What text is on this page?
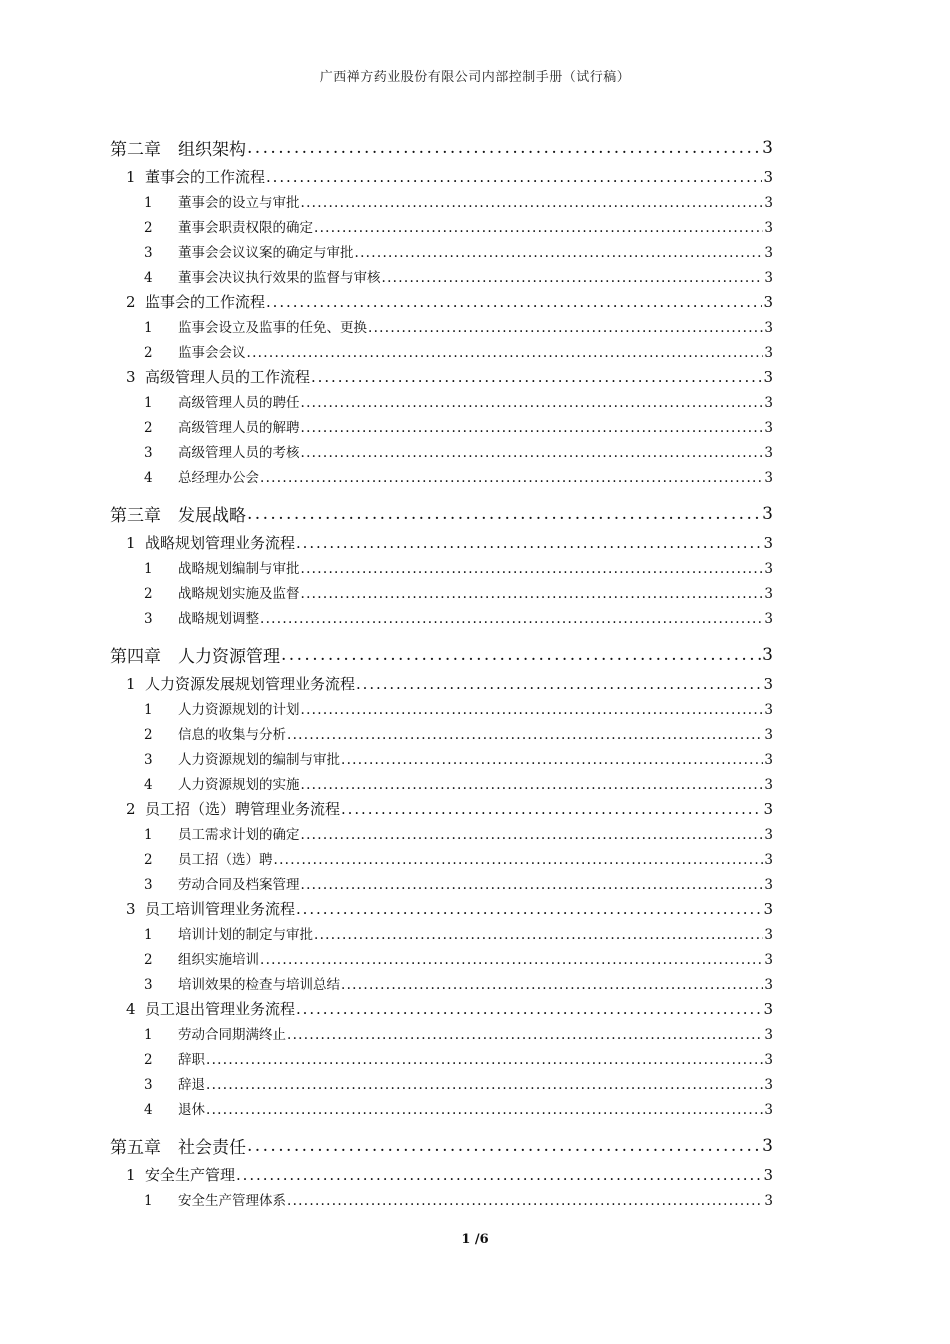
广西禅方药业股份有限公司内部控制手册（试行稿）
第二章	组织架构 .....	3
1 董事会的工作流程 .....	3
1	董事会的设立与审批 .....	3
2	董事会职责权限的确定 .....	3
3	董事会会议议案的确定与审批 .....	3
4	董事会决议执行效果的监督与审核 .....	3
2 监事会的工作流程 .....	3
1	监事会设立及监事的任免、更换 .....	3
2	监事会会议 .....	3
3 高级管理人员的工作流程 .....	3
1	高级管理人员的聘任 .....	3
2	高级管理人员的解聘 .....	3
3	高级管理人员的考核 .....	3
4	总经理办公会 .....	3
第三章	发展战略 .....	3
1 战略规划管理业务流程 .....	3
1	战略规划编制与审批 .....	3
2	战略规划实施及监督 .....	3
3	战略规划调整 .....	3
第四章	人力资源管理 .....	3
1 人力资源发展规划管理业务流程 .....	3
1	人力资源规划的计划 .....	3
2	信息的收集与分析 .....	3
3	人力资源规划的编制与审批 .....	3
4	人力资源规划的实施 .....	3
2 员工招（选）聘管理业务流程 .....	3
1	员工需求计划的确定 .....	3
2	员工招（选）聘 .....	3
3	劳动合同及档案管理 .....	3
3 员工培训管理业务流程 .....	3
1	培训计划的制定与审批 .....	3
2	组织实施培训 .....	3
3	培训效果的检查与培训总结 .....	3
4 员工退出管理业务流程 .....	3
1	劳动合同期满终止 .....	3
2	辞职 .....	3
3	辞退 .....	3
4	退休 .....	3
第五章	社会责任 .....	3
1 安全生产管理 .....	3
1	安全生产管理体系 .....	3
1 /6
